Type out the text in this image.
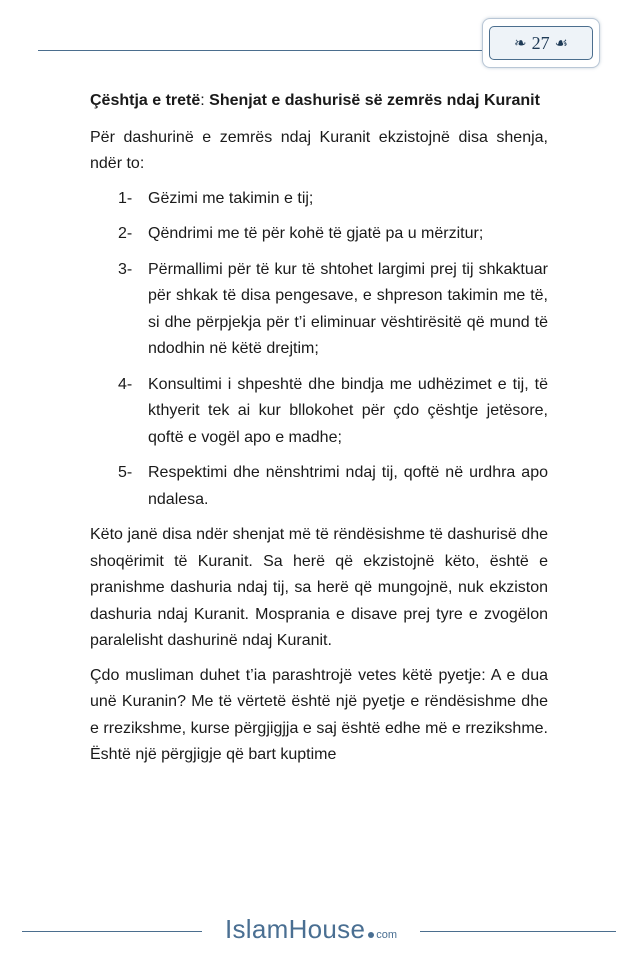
❧ 27 ☙

Çështja e tretë: Shenjat e dashurisë së zemrës ndaj Kuranit

Për dashurinë e zemrës ndaj Kuranit ekzistojnë disa shenja, ndër to:

1- Gëzimi me takimin e tij;
2- Qëndrimi me të për kohë të gjatë pa u mërzitur;
3- Përmallimi për të kur të shtohet largimi prej tij shkaktuar për shkak të disa pengesave, e shpreson takimin me të, si dhe përpjekja për t’i eliminuar vështirësitë që mund të ndodhin në këtë drejtim;
4- Konsultimi i shpeshtë dhe bindja me udhëzimet e tij, të kthyerit tek ai kur bllokohet për çdo çështje jetësore, qoftë e vogël apo e madhe;
5- Respektimi dhe nënshtrimi ndaj tij, qoftë në urdhra apo ndalesa.

Këto janë disa ndër shenjat më të rëndësishme të dashurisë dhe shoqërimit të Kuranit. Sa herë që ekzistojnë këto, është e pranishme dashuria ndaj tij, sa herë që mungojnë, nuk ekziston dashuria ndaj Kuranit. Mosprania e disave prej tyre e zvogëlon paralelisht dashurinë ndaj Kuranit.

Çdo musliman duhet t’ia parashtrojë vetes këtë pyetje: A e dua unë Kuranin? Me të vërtetë është një pyetje e rëndësishme dhe e rrezikshme, kurse përgjigjja e saj është edhe më e rrezikshme. Është një përgjigje që bart kuptime

IslamHouse com
